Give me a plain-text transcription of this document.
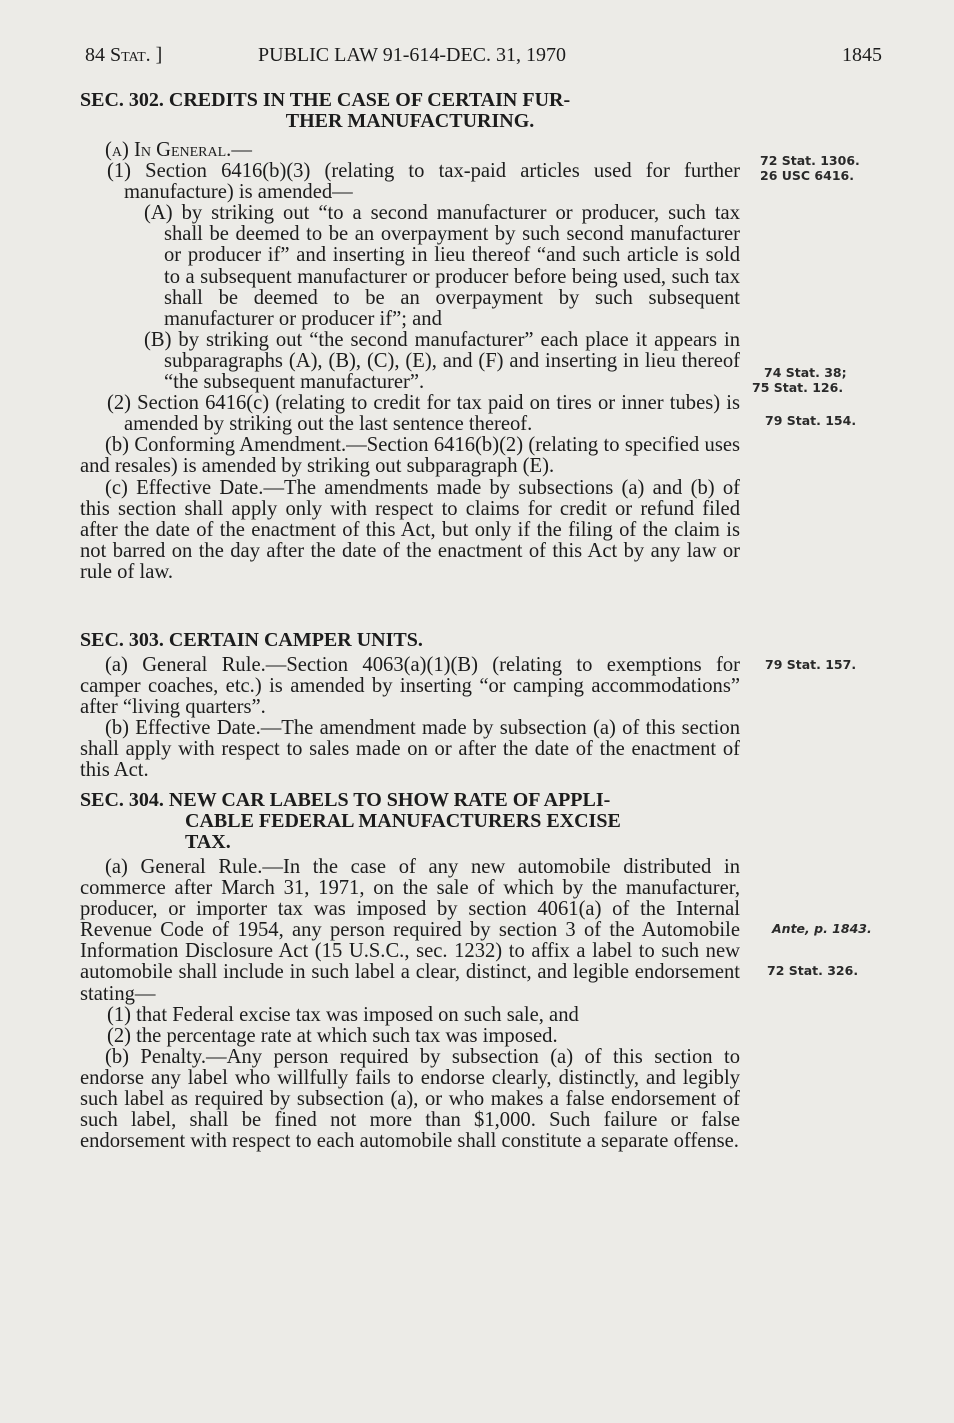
84 Stat. ]	PUBLIC LAW 91-614-DEC. 31, 1970	1845
SEC. 302. CREDITS IN THE CASE OF CERTAIN FUR-
THER MANUFACTURING.
(a) In General.—
(1) Section 6416(b)(3) (relating to tax-paid articles used for further manufacture) is amended—
(A) by striking out “to a second manufacturer or producer, such tax shall be deemed to be an overpayment by such second manufacturer or producer if” and inserting in lieu thereof “and such article is sold to a subsequent manufacturer or producer before being used, such tax shall be deemed to be an overpayment by such subsequent manufacturer or producer if”; and
(B) by striking out “the second manufacturer” each place it appears in subparagraphs (A), (B), (C), (E), and (F) and inserting in lieu thereof “the subsequent manufacturer”.
(2) Section 6416(c) (relating to credit for tax paid on tires or inner tubes) is amended by striking out the last sentence thereof.
(b) Conforming Amendment.—Section 6416(b)(2) (relating to specified uses and resales) is amended by striking out subparagraph (E).
(c) Effective Date.—The amendments made by subsections (a) and (b) of this section shall apply only with respect to claims for credit or refund filed after the date of the enactment of this Act, but only if the filing of the claim is not barred on the day after the date of the enactment of this Act by any law or rule of law.
SEC. 303. CERTAIN CAMPER UNITS.
(a) General Rule.—Section 4063(a)(1)(B) (relating to exemptions for camper coaches, etc.) is amended by inserting “or camping accommodations” after “living quarters”.
(b) Effective Date.—The amendment made by subsection (a) of this section shall apply with respect to sales made on or after the date of the enactment of this Act.
SEC. 304. NEW CAR LABELS TO SHOW RATE OF APPLI-
CABLE FEDERAL MANUFACTURERS EXCISE
TAX.
(a) General Rule.—In the case of any new automobile distributed in commerce after March 31, 1971, on the sale of which by the manufacturer, producer, or importer tax was imposed by section 4061(a) of the Internal Revenue Code of 1954, any person required by section 3 of the Automobile Information Disclosure Act (15 U.S.C., sec. 1232) to affix a label to such new automobile shall include in such label a clear, distinct, and legible endorsement stating—
(1) that Federal excise tax was imposed on such sale, and
(2) the percentage rate at which such tax was imposed.
(b) Penalty.—Any person required by subsection (a) of this section to endorse any label who willfully fails to endorse clearly, distinctly, and legibly such label as required by subsection (a), or who makes a false endorsement of such label, shall be fined not more than $1,000. Such failure or false endorsement with respect to each automobile shall constitute a separate offense.
72 Stat. 1306.
26 USC 6416.
74 Stat. 38;
75 Stat. 126.
79 Stat. 154.
79 Stat. 157.
Ante, p. 1843.
72 Stat. 326.
